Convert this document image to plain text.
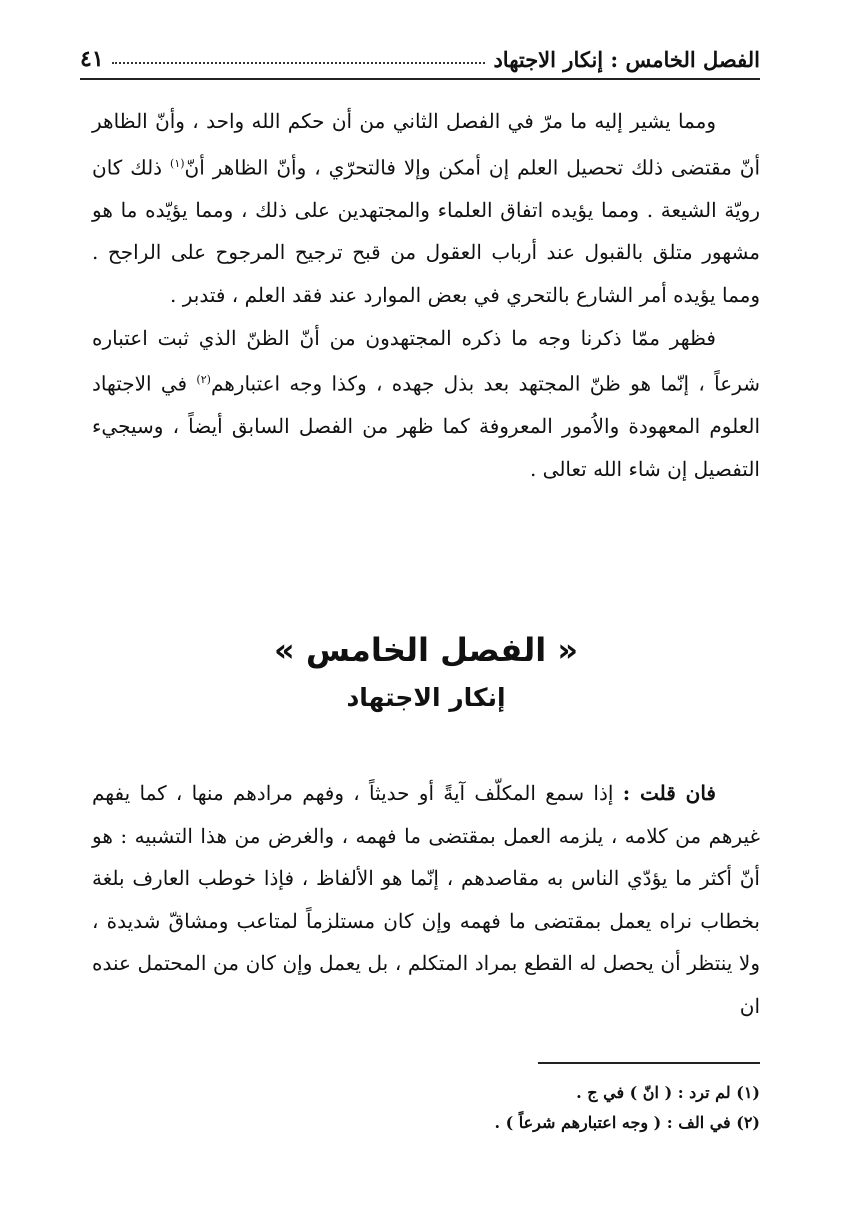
الفصل الخامس : إنكار الاجتهاد
٤١

ومما يشير إليه ما مرّ في الفصل الثاني من أن حكم الله واحد ، وأنّ الظاهر أنّ مقتضى ذلك تحصيل العلم إن أمكن وإلا فالتحرّي ، وأنّ الظاهر أنّ$^{(١)}$ ذلك كان رويّة الشيعة . ومما يؤيده اتفاق العلماء والمجتهدين على ذلك ، ومما يؤيّده ما هو مشهور متلق بالقبول عند أرباب العقول من قبح ترجيح المرجوح على الراجح . ومما يؤيده أمر الشارع بالتحري في بعض الموارد عند فقد العلم ، فتدبر .

فظهر ممّا ذكرنا وجه ما ذكره المجتهدون من أنّ الظنّ الذي ثبت اعتباره شرعاً ، إنّما هو ظنّ المجتهد بعد بذل جهده ، وكذا وجه اعتبارهم$^{(٢)}$ في الاجتهاد العلوم المعهودة والاُمور المعروفة كما ظهر من الفصل السابق أيضاً ، وسيجيء التفصيل إن شاء الله تعالى .

« الفصل الخامس »
إنكار الاجتهاد

فان قلت : إذا سمع المكلّف آيةً أو حديثاً ، وفهم مرادهم منها ، كما يفهم غيرهم من كلامه ، يلزمه العمل بمقتضى ما فهمه ، والغرض من هذا التشبيه : هو أنّ أكثر ما يؤدّي الناس به مقاصدهم ، إنّما هو الألفاظ ، فإذا خوطب العارف بلغة بخطاب نراه يعمل بمقتضى ما فهمه وإن كان مستلزماً لمتاعب ومشاقّ شديدة ، ولا ينتظر أن يحصل له القطع بمراد المتكلم ، بل يعمل وإن كان من المحتمل عنده ان

(١) لم ترد : ( انّ ) في ج .

(٢) في الف : ( وجه اعتبارهم شرعاً ) .
